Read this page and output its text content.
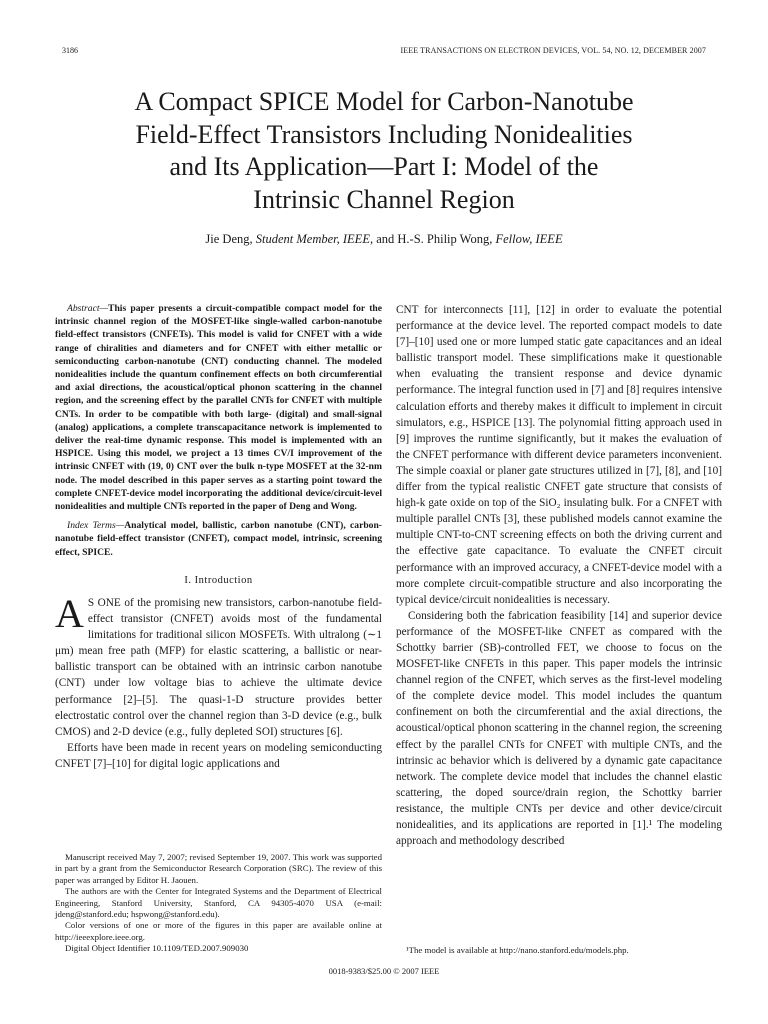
3186	IEEE TRANSACTIONS ON ELECTRON DEVICES, VOL. 54, NO. 12, DECEMBER 2007
A Compact SPICE Model for Carbon-Nanotube
Field-Effect Transistors Including Nonidealities
and Its Application—Part I: Model of the
Intrinsic Channel Region
Jie Deng, Student Member, IEEE, and H.-S. Philip Wong, Fellow, IEEE

Abstract—This paper presents a circuit-compatible compact model for the intrinsic channel region of the MOSFET-like single-walled carbon-nanotube field-effect transistors (CNFETs). This model is valid for CNFET with a wide range of chiralities and diameters and for CNFET with either metallic or semiconducting carbon-nanotube (CNT) conducting channel. The modeled nonidealities include the quantum confinement effects on both circumferential and axial directions, the acoustical/optical phonon scattering in the channel region, and the screening effect by the parallel CNTs for CNFET with multiple CNTs. In order to be compatible with both large- (digital) and small-signal (analog) applications, a complete transcapacitance network is implemented to deliver the real-time dynamic response. This model is implemented with an HSPICE. Using this model, we project a 13 times CV/I improvement of the intrinsic CNFET with (19, 0) CNT over the bulk n-type MOSFET at the 32-nm node. The model described in this paper serves as a starting point toward the complete CNFET-device model incorporating the additional device/circuit-level nonidealities and multiple CNTs reported in the paper of Deng and Wong.

Index Terms—Analytical model, ballistic, carbon nanotube (CNT), carbon-nanotube field-effect transistor (CNFET), compact model, intrinsic, screening effect, SPICE.

I. Introduction

A S ONE of the promising new transistors, carbon-nanotube field-effect transistor (CNFET) avoids most of the fundamental limitations for traditional silicon MOSFETs. With ultralong (∼1 μm) mean free path (MFP) for elastic scattering, a ballistic or near-ballistic transport can be obtained with an intrinsic carbon nanotube (CNT) under low voltage bias to achieve the ultimate device performance [2]–[5]. The quasi-1-D structure provides better electrostatic control over the channel region than 3-D device (e.g., bulk CMOS) and 2-D device (e.g., fully depleted SOI) structures [6].

Efforts have been made in recent years on modeling semiconducting CNFET [7]–[10] for digital logic applications and

Manuscript received May 7, 2007; revised September 19, 2007. This work was supported in part by a grant from the Semiconductor Research Corporation (SRC). The review of this paper was arranged by Editor H. Jaouen.

The authors are with the Center for Integrated Systems and the Department of Electrical Engineering, Stanford University, Stanford, CA 94305-4070 USA (e-mail: jdeng@stanford.edu; hspwong@stanford.edu).

Color versions of one or more of the figures in this paper are available online at http://ieeexplore.ieee.org.

Digital Object Identifier 10.1109/TED.2007.909030

CNT for interconnects [11], [12] in order to evaluate the potential performance at the device level. The reported compact models to date [7]–[10] used one or more lumped static gate capacitances and an ideal ballistic transport model. These simplifications make it questionable when evaluating the transient response and device dynamic performance. The integral function used in [7] and [8] requires intensive calculation efforts and thereby makes it difficult to implement in circuit simulators, e.g., HSPICE [13]. The polynomial fitting approach used in [9] improves the runtime significantly, but it makes the evaluation of the CNFET performance with different device parameters inconvenient. The simple coaxial or planer gate structures utilized in [7], [8], and [10] differ from the typical realistic CNFET gate structure that consists of high-k gate oxide on top of the SiO₂ insulating bulk. For a CNFET with multiple parallel CNTs [3], these published models cannot examine the multiple CNT-to-CNT screening effects on both the driving current and the effective gate capacitance. To evaluate the CNFET circuit performance with an improved accuracy, a CNFET-device model with a more complete circuit-compatible structure and also incorporating the typical device/circuit nonidealities is necessary.

Considering both the fabrication feasibility [14] and superior device performance of the MOSFET-like CNFET as compared with the Schottky barrier (SB)-controlled FET, we choose to focus on the MOSFET-like CNFETs in this paper. This paper models the intrinsic channel region of the CNFET, which serves as the first-level modeling of the complete device model. This model includes the quantum confinement on both the circumferential and the axial directions, the acoustical/optical phonon scattering in the channel region, the screening effect by the parallel CNTs for CNFET with multiple CNTs, and the intrinsic ac behavior which is delivered by a dynamic gate capacitance network. The complete device model that includes the channel elastic scattering, the doped source/drain region, the Schottky barrier resistance, the multiple CNTs per device and other device/circuit nonidealities, and its applications are reported in [1].¹ The modeling approach and methodology described

¹The model is available at http://nano.stanford.edu/models.php.

0018-9383/$25.00 © 2007 IEEE
